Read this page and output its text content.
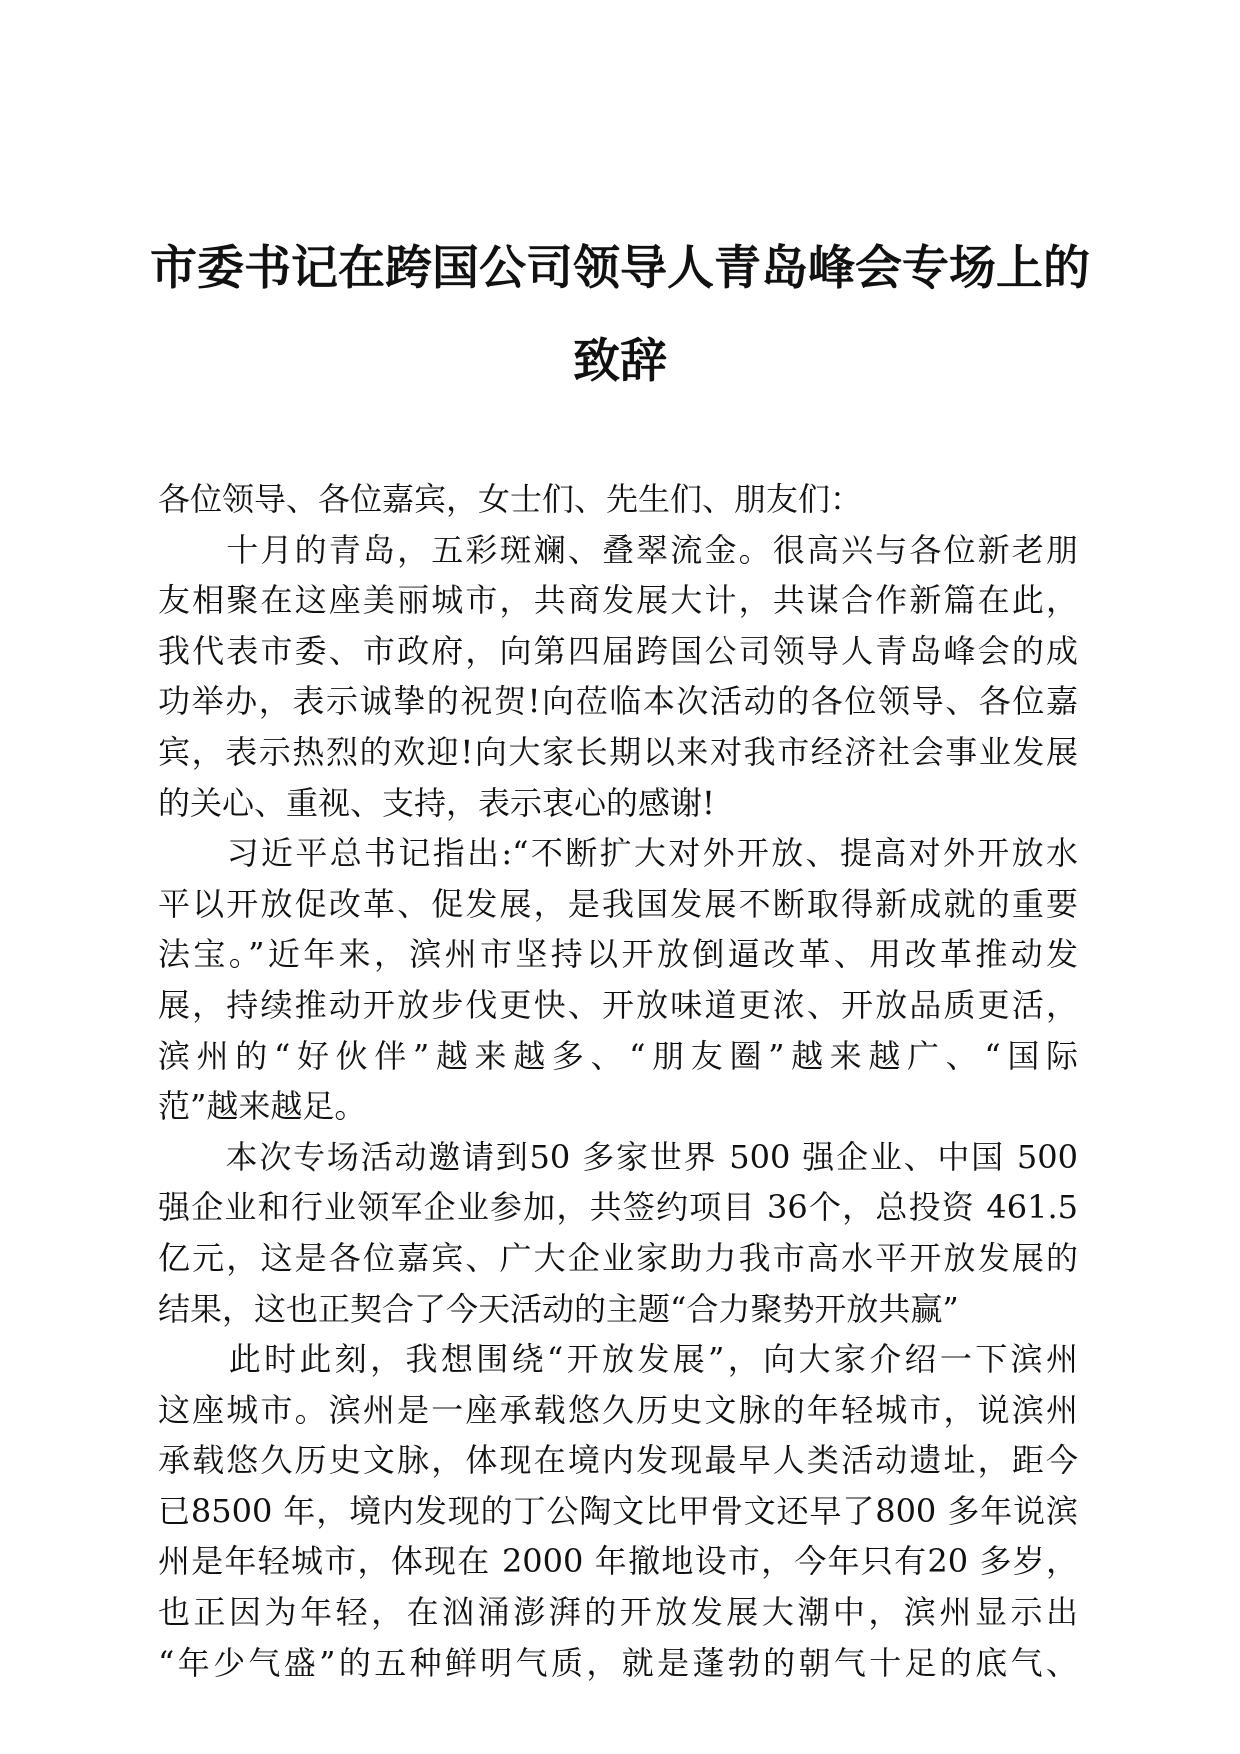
市委书记在跨国公司领导人青岛峰会专场上的
致辞

各位领导、各位嘉宾，女士们、先生们、朋友们：

　　十月的青岛，五彩斑斓、叠翠流金。很高兴与各位新老朋
友相聚在这座美丽城市，共商发展大计，共谋合作新篇在此，
我代表市委、市政府，向第四届跨国公司领导人青岛峰会的成
功举办，表示诚挚的祝贺!向莅临本次活动的各位领导、各位嘉
宾，表示热烈的欢迎!向大家长期以来对我市经济社会事业发展
的关心、重视、支持，表示衷心的感谢!

　　习近平总书记指出:“不断扩大对外开放、提高对外开放水
平以开放促改革、促发展，是我国发展不断取得新成就的重要
法宝。”近年来，滨州市坚持以开放倒逼改革、用改革推动发
展，持续推动开放步伐更快、开放味道更浓、开放品质更活，
滨州的“好伙伴”越来越多、“朋友圈”越来越广、“国际
范”越来越足。

　　本次专场活动邀请到50 多家世界 500 强企业、中国 500
强企业和行业领军企业参加，共签约项目 36个，总投资 461.5
亿元，这是各位嘉宾、广大企业家助力我市高水平开放发展的
结果，这也正契合了今天活动的主题“合力聚势开放共赢”

　　此时此刻，我想围绕“开放发展”，向大家介绍一下滨州
这座城市。滨州是一座承载悠久历史文脉的年轻城市，说滨州
承载悠久历史文脉，体现在境内发现最早人类活动遗址，距今
已8500 年，境内发现的丁公陶文比甲骨文还早了800 多年说滨
州是年轻城市，体现在 2000 年撤地设市，今年只有20 多岁，
也正因为年轻，在汹涌澎湃的开放发展大潮中，滨州显示出
“年少气盛”的五种鲜明气质，就是蓬勃的朝气十足的底气、
